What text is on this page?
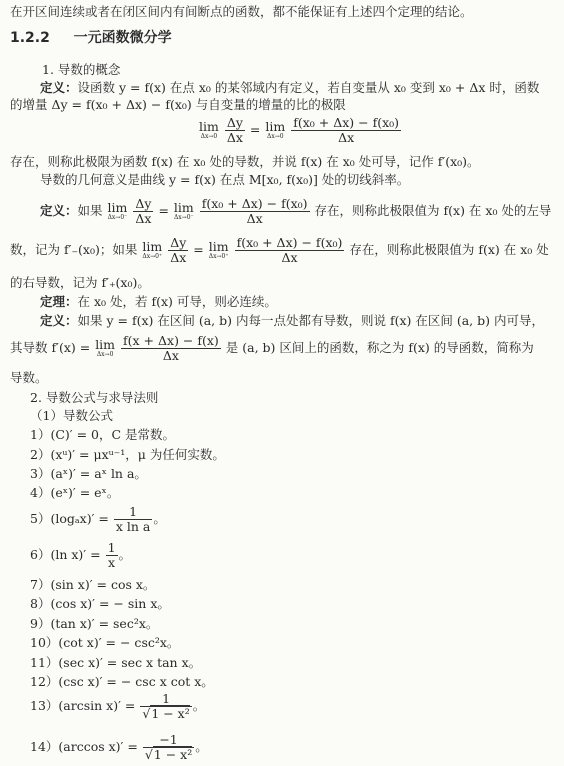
在开区间连续或者在闭区间内有间断点的函数，都不能保证有上述四个定理的结论。
1.2.2 一元函数微分学
1. 导数的概念
定义：设函数 y = f(x) 在点 x₀ 的某邻域内有定义，若自变量从 x₀ 变到 x₀ + Δx 时，函数
的增量 Δy = f(x₀ + Δx) − f(x₀) 与自变量的增量的比的极限
lim
Δx→0
$\frac{\Delta y}{\Delta x} = \lim$
Δx→0
$\frac{\text{f(x₀ + Δx) − f(x₀)}}{\Delta x}$
存在，则称此极限为函数 f(x) 在 x₀ 处的导数，并说 f(x) 在 x₀ 处可导，记作 f′(x₀)。
导数的几何意义是曲线 y = f(x) 在点 M[x₀, f(x₀)] 处的切线斜率。
定义：如果 lim
Δx→0⁻
$\frac{\Delta y}{\Delta x} = \lim$
Δx→0⁻
$\frac{\text{f(x₀ + Δx) − f(x₀)}}{\Delta x}$ 存在，则称此极限值为 f(x) 在 x₀ 处的左导
数，记为 f′₋(x₀)；如果 lim
Δx→0⁺
$\frac{\Delta y}{\Delta x} = \lim$
Δx→0⁺
$\frac{\text{f(x₀ + Δx) − f(x₀)}}{\Delta x}$ 存在，则称此极限值为 f(x) 在 x₀ 处
的右导数，记为 f′₊(x₀)。
定理：在 x₀ 处，若 f(x) 可导，则必连续。
定义：如果 y = f(x) 在区间 (a, b) 内每一点处都有导数，则说 f(x) 在区间 (a, b) 内可导，
其导数 f′(x) = lim
Δx→0
$\frac{f(x + \Delta x) - f(x)}{\Delta x}$ 是 (a, b) 区间上的函数，称之为 f(x) 的导函数，简称为
导数。
2. 导数公式与求导法则
（1）导数公式
1）(C)′ = 0，C 是常数。
2）(xᵘ)′ = μxᵘ⁻¹，μ 为任何实数。
3）(aˣ)′ = aˣ ln a。
4）(eˣ)′ = eˣ。
$5)(\log_ax)' = \frac{1}{\text{x ln a}}$ 。
6）(ln $x)' = \frac{1}{x}$ 。
7）(sin x)′ = cos x。
8）(cos x)′ = − sin x。
9）(tan x)′ = sec²x。
10）(cot x)′ = − csc²x。
11）(sec x)′ = sec x tan x。
12）(csc x)′ = − csc x cot x。
13）(arcsin $x)' = \frac{1}{\text{√1 − x²}}$ 。
14）(arccos $x)' = \frac{-1}{\text{√1 − x²}}$ 。
